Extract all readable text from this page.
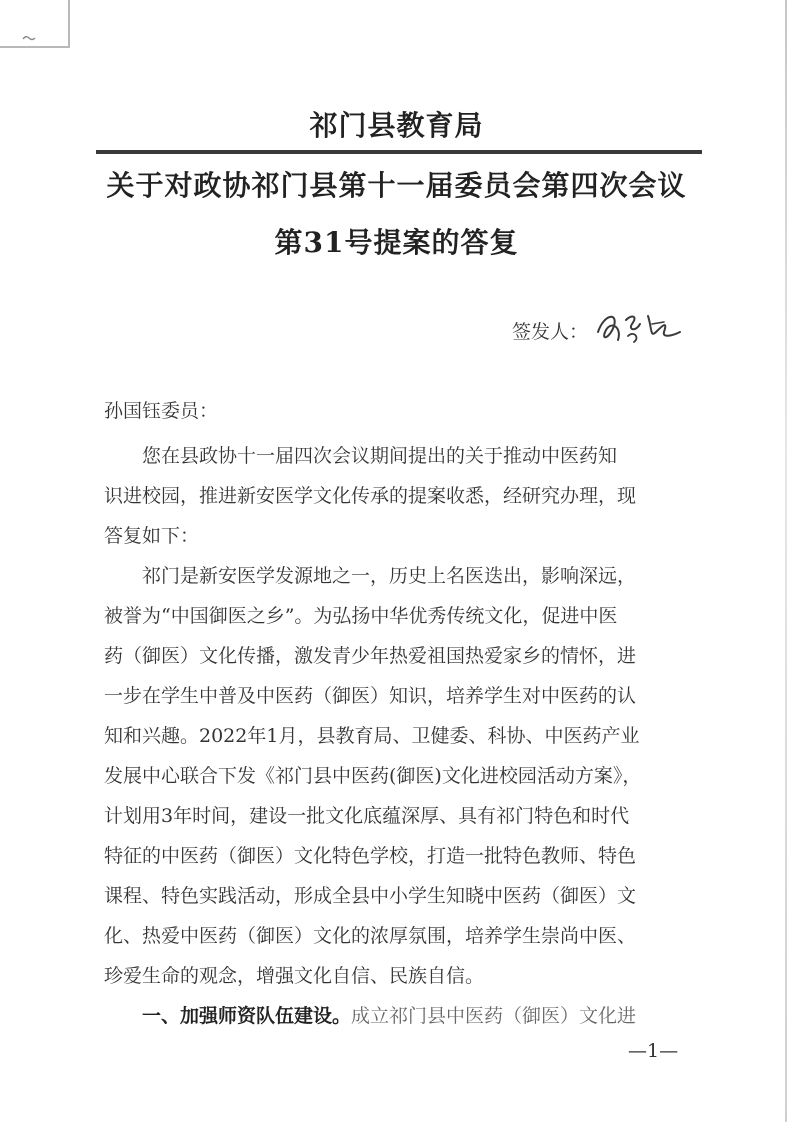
祁门县教育局
关于对政协祁门县第十一届委员会第四次会议
第31号提案的答复
签发人：
孙国钰委员：
您在县政协十一届四次会议期间提出的关于推动中医药知
识进校园，推进新安医学文化传承的提案收悉，经研究办理，现
答复如下：
祁门是新安医学发源地之一，历史上名医迭出，影响深远，
被誉为“中国御医之乡”。为弘扬中华优秀传统文化，促进中医
药（御医）文化传播，激发青少年热爱祖国热爱家乡的情怀，进
一步在学生中普及中医药（御医）知识，培养学生对中医药的认
知和兴趣。2022年1月，县教育局、卫健委、科协、中医药产业
发展中心联合下发《祁门县中医药(御医)文化进校园活动方案》，
计划用3年时间，建设一批文化底蕴深厚、具有祁门特色和时代
特征的中医药（御医）文化特色学校，打造一批特色教师、特色
课程、特色实践活动，形成全县中小学生知晓中医药（御医）文
化、热爱中医药（御医）文化的浓厚氛围，培养学生崇尚中医、
珍爱生命的观念，增强文化自信、民族自信。
一、加强师资队伍建设。成立祁门县中医药（御医）文化进
—1—
